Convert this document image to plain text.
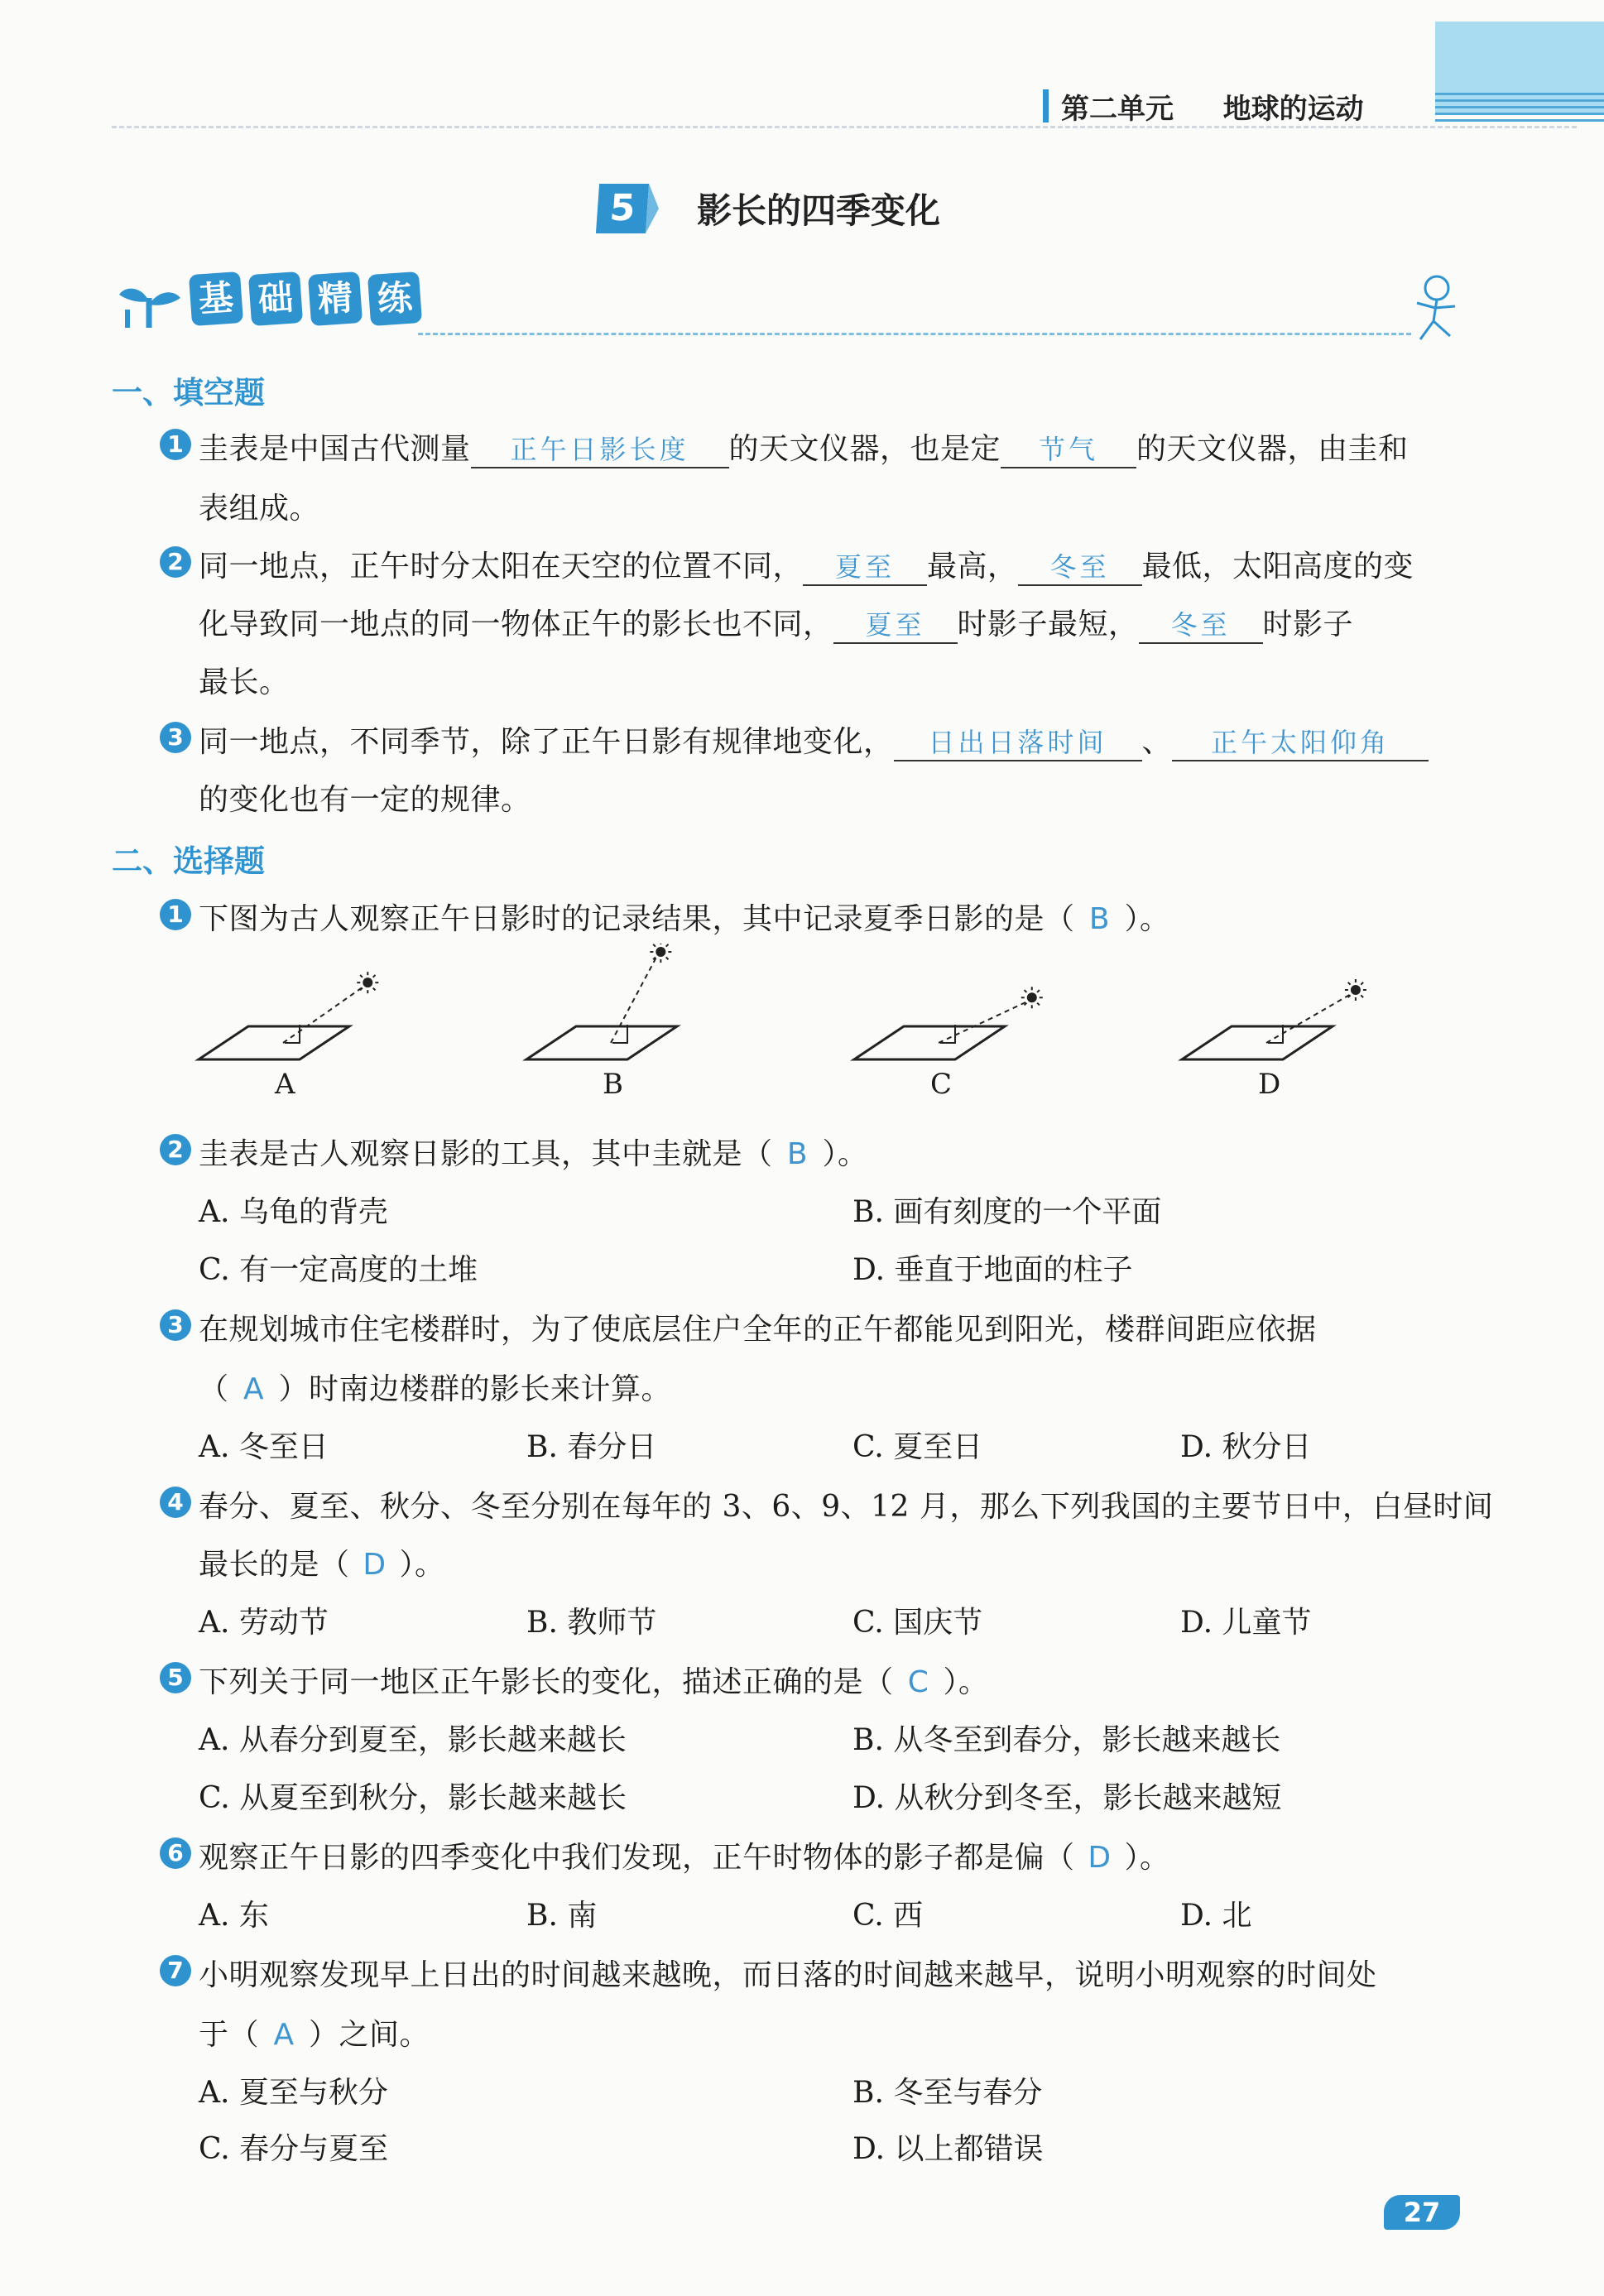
第二单元 地球的运动
5	影长的四季变化
基 础 精 练
一、填空题
1 圭表是中国古代测量 正午日影长度 的天文仪器，也是定 节气 的天文仪器，由圭和
表组成。
2 同一地点，正午时分太阳在天空的位置不同， 夏至 最高， 冬至 最低，太阳高度的变
化导致同一地点的同一物体正午的影长也不同， 夏至 时影子最短， 冬至 时影子
最长。
3 同一地点，不同季节，除了正午日影有规律地变化， 日出日落时间 、 正午太阳仰角
的变化也有一定的规律。
二、选择题
1 下图为古人观察正午日影时的记录结果，其中记录夏季日影的是（ B ）。
A	B	C	D
2 圭表是古人观察日影的工具，其中圭就是（ B ）。
A. 乌龟的背壳	B. 画有刻度的一个平面
C. 有一定高度的土堆	D. 垂直于地面的柱子
3 在规划城市住宅楼群时，为了使底层住户全年的正午都能见到阳光，楼群间距应依据
（ A ）时南边楼群的影长来计算。
A. 冬至日	B. 春分日	C. 夏至日	D. 秋分日
4 春分、夏至、秋分、冬至分别在每年的 3、6、9、12 月，那么下列我国的主要节日中，白昼时间
最长的是（ D ）。
A. 劳动节	B. 教师节	C. 国庆节	D. 儿童节
5 下列关于同一地区正午影长的变化，描述正确的是（ C ）。
A. 从春分到夏至，影长越来越长	B. 从冬至到春分，影长越来越长
C. 从夏至到秋分，影长越来越长	D. 从秋分到冬至，影长越来越短
6 观察正午日影的四季变化中我们发现，正午时物体的影子都是偏（ D ）。
A. 东	B. 南	C. 西	D. 北
7 小明观察发现早上日出的时间越来越晚，而日落的时间越来越早，说明小明观察的时间处
于（ A ）之间。
A. 夏至与秋分	B. 冬至与春分
C. 春分与夏至	D. 以上都错误
27
